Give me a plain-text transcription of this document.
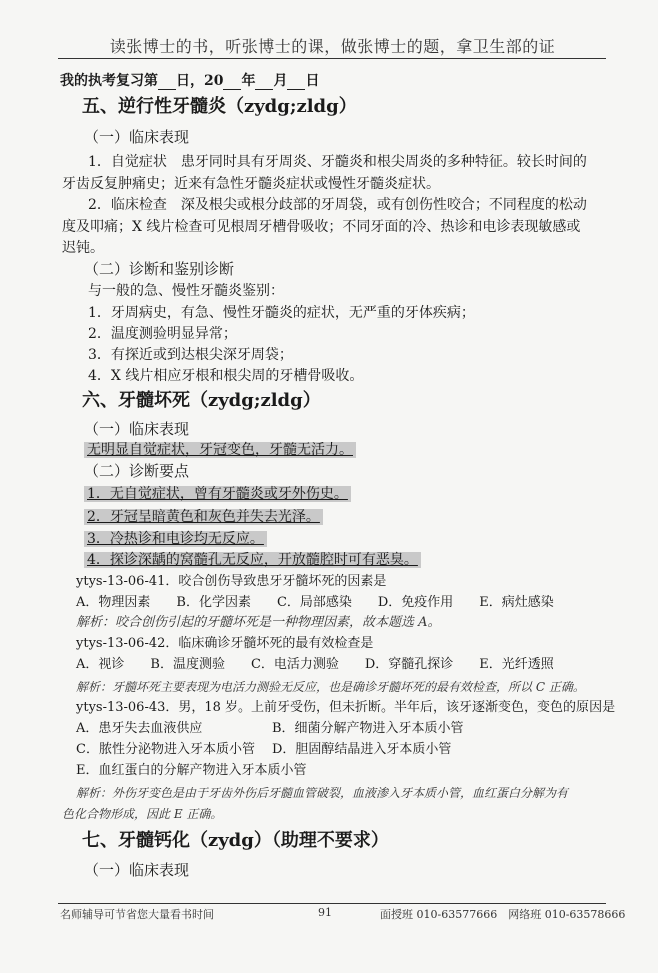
读张博士的书，听张博士的课，做张博士的题，拿卫生部的证
我的执考复习第 日，20 年 月 日
五、逆行性牙髓炎（zydg;zldg）
（一）临床表现
1．自觉症状　患牙同时具有牙周炎、牙髓炎和根尖周炎的多种特征。较长时间的
牙齿反复肿痛史；近来有急性牙髓炎症状或慢性牙髓炎症状。
2．临床检查　深及根尖或根分歧部的牙周袋，或有创伤性咬合；不同程度的松动
度及叩痛；X 线片检查可见根周牙槽骨吸收；不同牙面的冷、热诊和电诊表现敏感或
迟钝。
（二）诊断和鉴别诊断
与一般的急、慢性牙髓炎鉴别：
1．牙周病史，有急、慢性牙髓炎的症状，无严重的牙体疾病；
2．温度测验明显异常；
3．有探近或到达根尖深牙周袋；
4．X 线片相应牙根和根尖周的牙槽骨吸收。
六、牙髓坏死（zydg;zldg）
（一）临床表现
无明显自觉症状，牙冠变色，牙髓无活力。
（二）诊断要点
1．无自觉症状，曾有牙髓炎或牙外伤史。
2．牙冠呈暗黄色和灰色并失去光泽。
3．冷热诊和电诊均无反应。
4．探诊深龋的窝髓孔无反应，开放髓腔时可有恶臭。
ytys-13-06-41．咬合创伤导致患牙牙髓坏死的因素是
A．物理因素　　B．化学因素　　C．局部感染　　D．免疫作用　　E．病灶感染
解析：咬合创伤引起的牙髓坏死是一种物理因素，故本题选 A。
ytys-13-06-42．临床确诊牙髓坏死的最有效检查是
A．视诊　　B．温度测验　　C．电活力测验　　D．穿髓孔探诊　　E．光纤透照
解析：牙髓坏死主要表现为电活力测验无反应，也是确诊牙髓坏死的最有效检查，所以 C 正确。
ytys-13-06-43．男，18 岁。上前牙受伤，但未折断。半年后，该牙逐渐变色，变色的原因是
A．患牙失去血液供应	B．细菌分解产物进入牙本质小管
C．脓性分泌物进入牙本质小管 D．胆固醇结晶进入牙本质小管
E．血红蛋白的分解产物进入牙本质小管
解析：外伤牙变色是由于牙齿外伤后牙髓血管破裂，血液渗入牙本质小管，血红蛋白分解为有
色化合物形成，因此 E 正确。
七、牙髓钙化（zydg）（助理不要求）
（一）临床表现
名师辅导可节省您大量看书时间	91	面授班 010-63577666　网络班 010-63578666
